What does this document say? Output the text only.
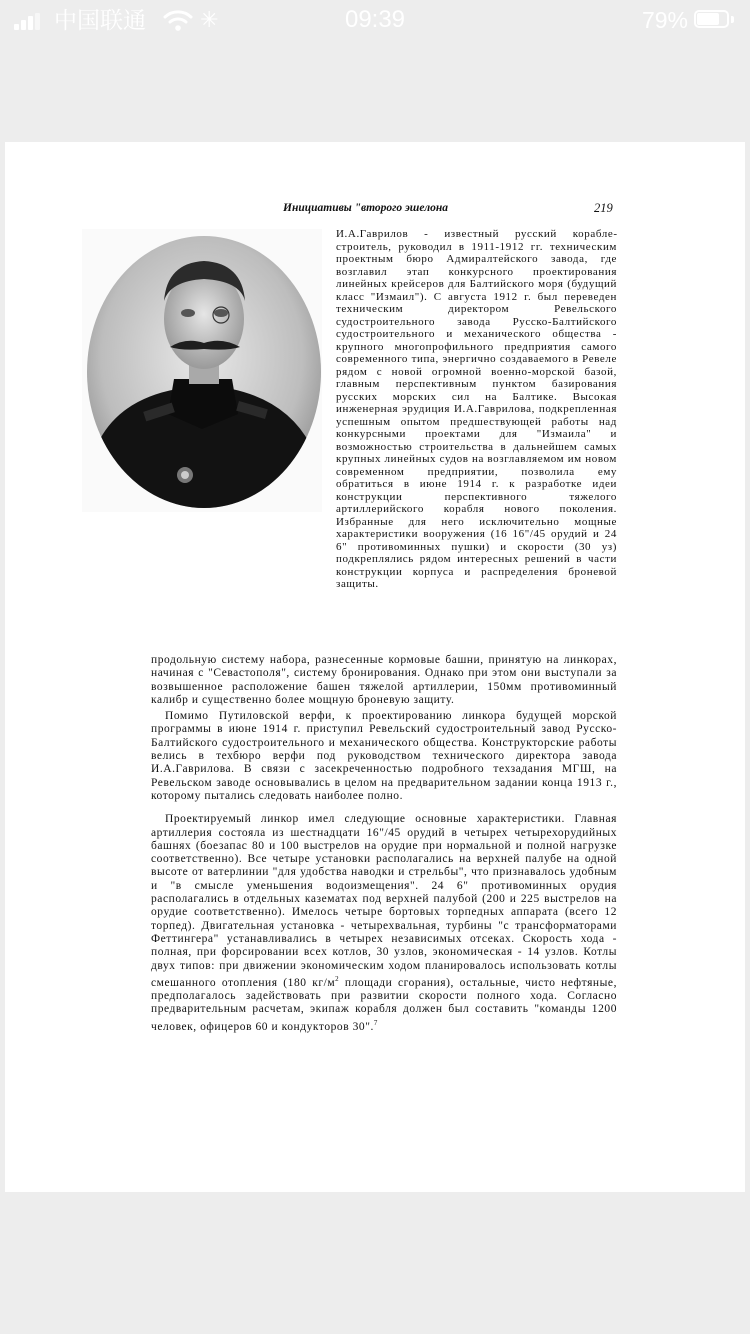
中国联通 ✳	09:39	79%
Инициативы "второго эшелона	219

И.А.Гаврилов - известный русский кораблестроитель, руководил в 1911-1912 гг. техническим проектным бюро Адмиралтейского завода, где возглавил этап конкурсного проектирования линейных крейсеров для Балтийского моря (будущий класс "Измаил"). С августа 1912 г. был переведен техническим директором Ревельского судостроительного завода Русско-Балтийского судостроительного и механического общества - крупного многопрофильного предприятия самого современного типа, энергично создаваемого в Ревеле рядом с новой огромной военно-морской базой, главным перспективным пунктом базирования русских морских сил на Балтике. Высокая инженерная эрудиция И.А.Гаврилова, подкрепленная успешным опытом предшествующей работы над конкурсными проектами для "Измаила" и возможностью строительства в дальнейшем самых крупных линейных судов на возглавляемом им новом современном предприятии, позволила ему обратиться в июне 1914 г. к разработке идеи конструкции перспективного тяжелого артиллерийского корабля нового поколения. Избранные для него исключительно мощные характеристики вооружения (16 16"/45 орудий и 24 6" противоминных пушки) и скорости (30 уз) подкреплялись рядом интересных решений в части конструкции корпуса и распределения броневой защиты.

продольную систему набора, разнесенные кормовые башни, принятую на линкорах, начиная с "Севастополя", систему бронирования. Однако при этом они выступали за возвышенное расположение башен тяжелой артиллерии, 150мм противоминный калибр и существенно более мощную броневую защиту.

Помимо Путиловской верфи, к проектированию линкора будущей морской программы в июне 1914 г. приступил Ревельский судостроительный завод Русско-Балтийского судостроительного и механического общества. Конструкторские работы велись в техбюро верфи под руководством технического директора завода И.А.Гаврилова. В связи с засекреченностью подробного техзадания МГШ, на Ревельском заводе основывались в целом на предварительном задании конца 1913 г., которому пытались следовать наиболее полно.

Проектируемый линкор имел следующие основные характеристики. Главная артиллерия состояла из шестнадцати 16"/45 орудий в четырех четырехорудийных башнях (боезапас 80 и 100 выстрелов на орудие при нормальной и полной нагрузке соответственно). Все четыре установки располагались на верхней палубе на одной высоте от ватерлинии "для удобства наводки и стрельбы", что признавалось удобным и "в смысле уменьшения водоизмещения". 24 6" противоминных орудия располагались в отдельных казематах под верхней палубой (200 и 225 выстрелов на орудие соответственно). Имелось четыре бортовых торпедных аппарата (всего 12 торпед). Двигательная установка - четырехвальная, турбины "с трансформаторами Феттингера" устанавливались в четырех независимых отсеках. Скорость хода - полная, при форсировании всех котлов, 30 узлов, экономическая - 14 узлов. Котлы двух типов: при движении экономическим ходом планировалось использовать котлы смешанного отопления (180 $кг/м^2$ площади сгорания), остальные, чисто нефтяные, предполагалось задействовать при развитии скорости полного хода. Согласно предварительным расчетам, экипаж корабля должен был составить "команды 1200 человек, офицеров 60 и кондукторов 30".$^7$
